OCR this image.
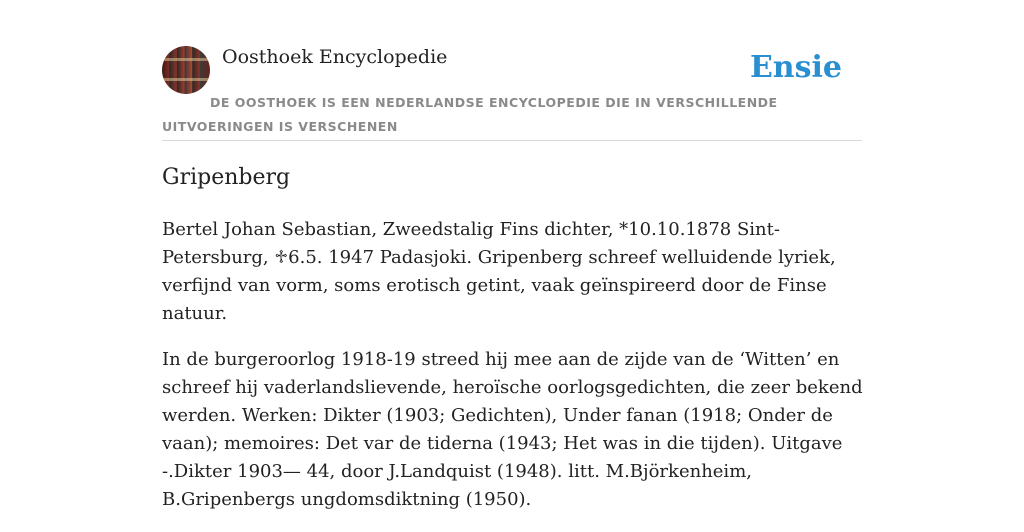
Oosthoek Encyclopedie	Ensie
DE OOSTHOEK IS EEN NEDERLANDSE ENCYCLOPEDIE DIE IN VERSCHILLENDE UITVOERINGEN IS VERSCHENEN
Gripenberg

Bertel Johan Sebastian, Zweedstalig Fins dichter, *10.10.1878 Sint-Petersburg, ♱6.5. 1947 Padasjoki. Gripenberg schreef welluidende lyriek, verfijnd van vorm, soms erotisch getint, vaak geïnspireerd door de Finse natuur.

In de burgeroorlog 1918-19 streed hij mee aan de zijde van de ‘Witten’ en schreef hij vaderlandslievende, heroïsche oorlogsgedichten, die zeer bekend werden. Werken: Dikter (1903; Gedichten), Under fanan (1918; Onder de vaan); memoires: Det var de tiderna (1943; Het was in die tijden). Uitgave -.Dikter 1903— 44, door J.Landquist (1948). litt. M.Björkenheim, B.Gripenbergs ungdomsdiktning (1950).
